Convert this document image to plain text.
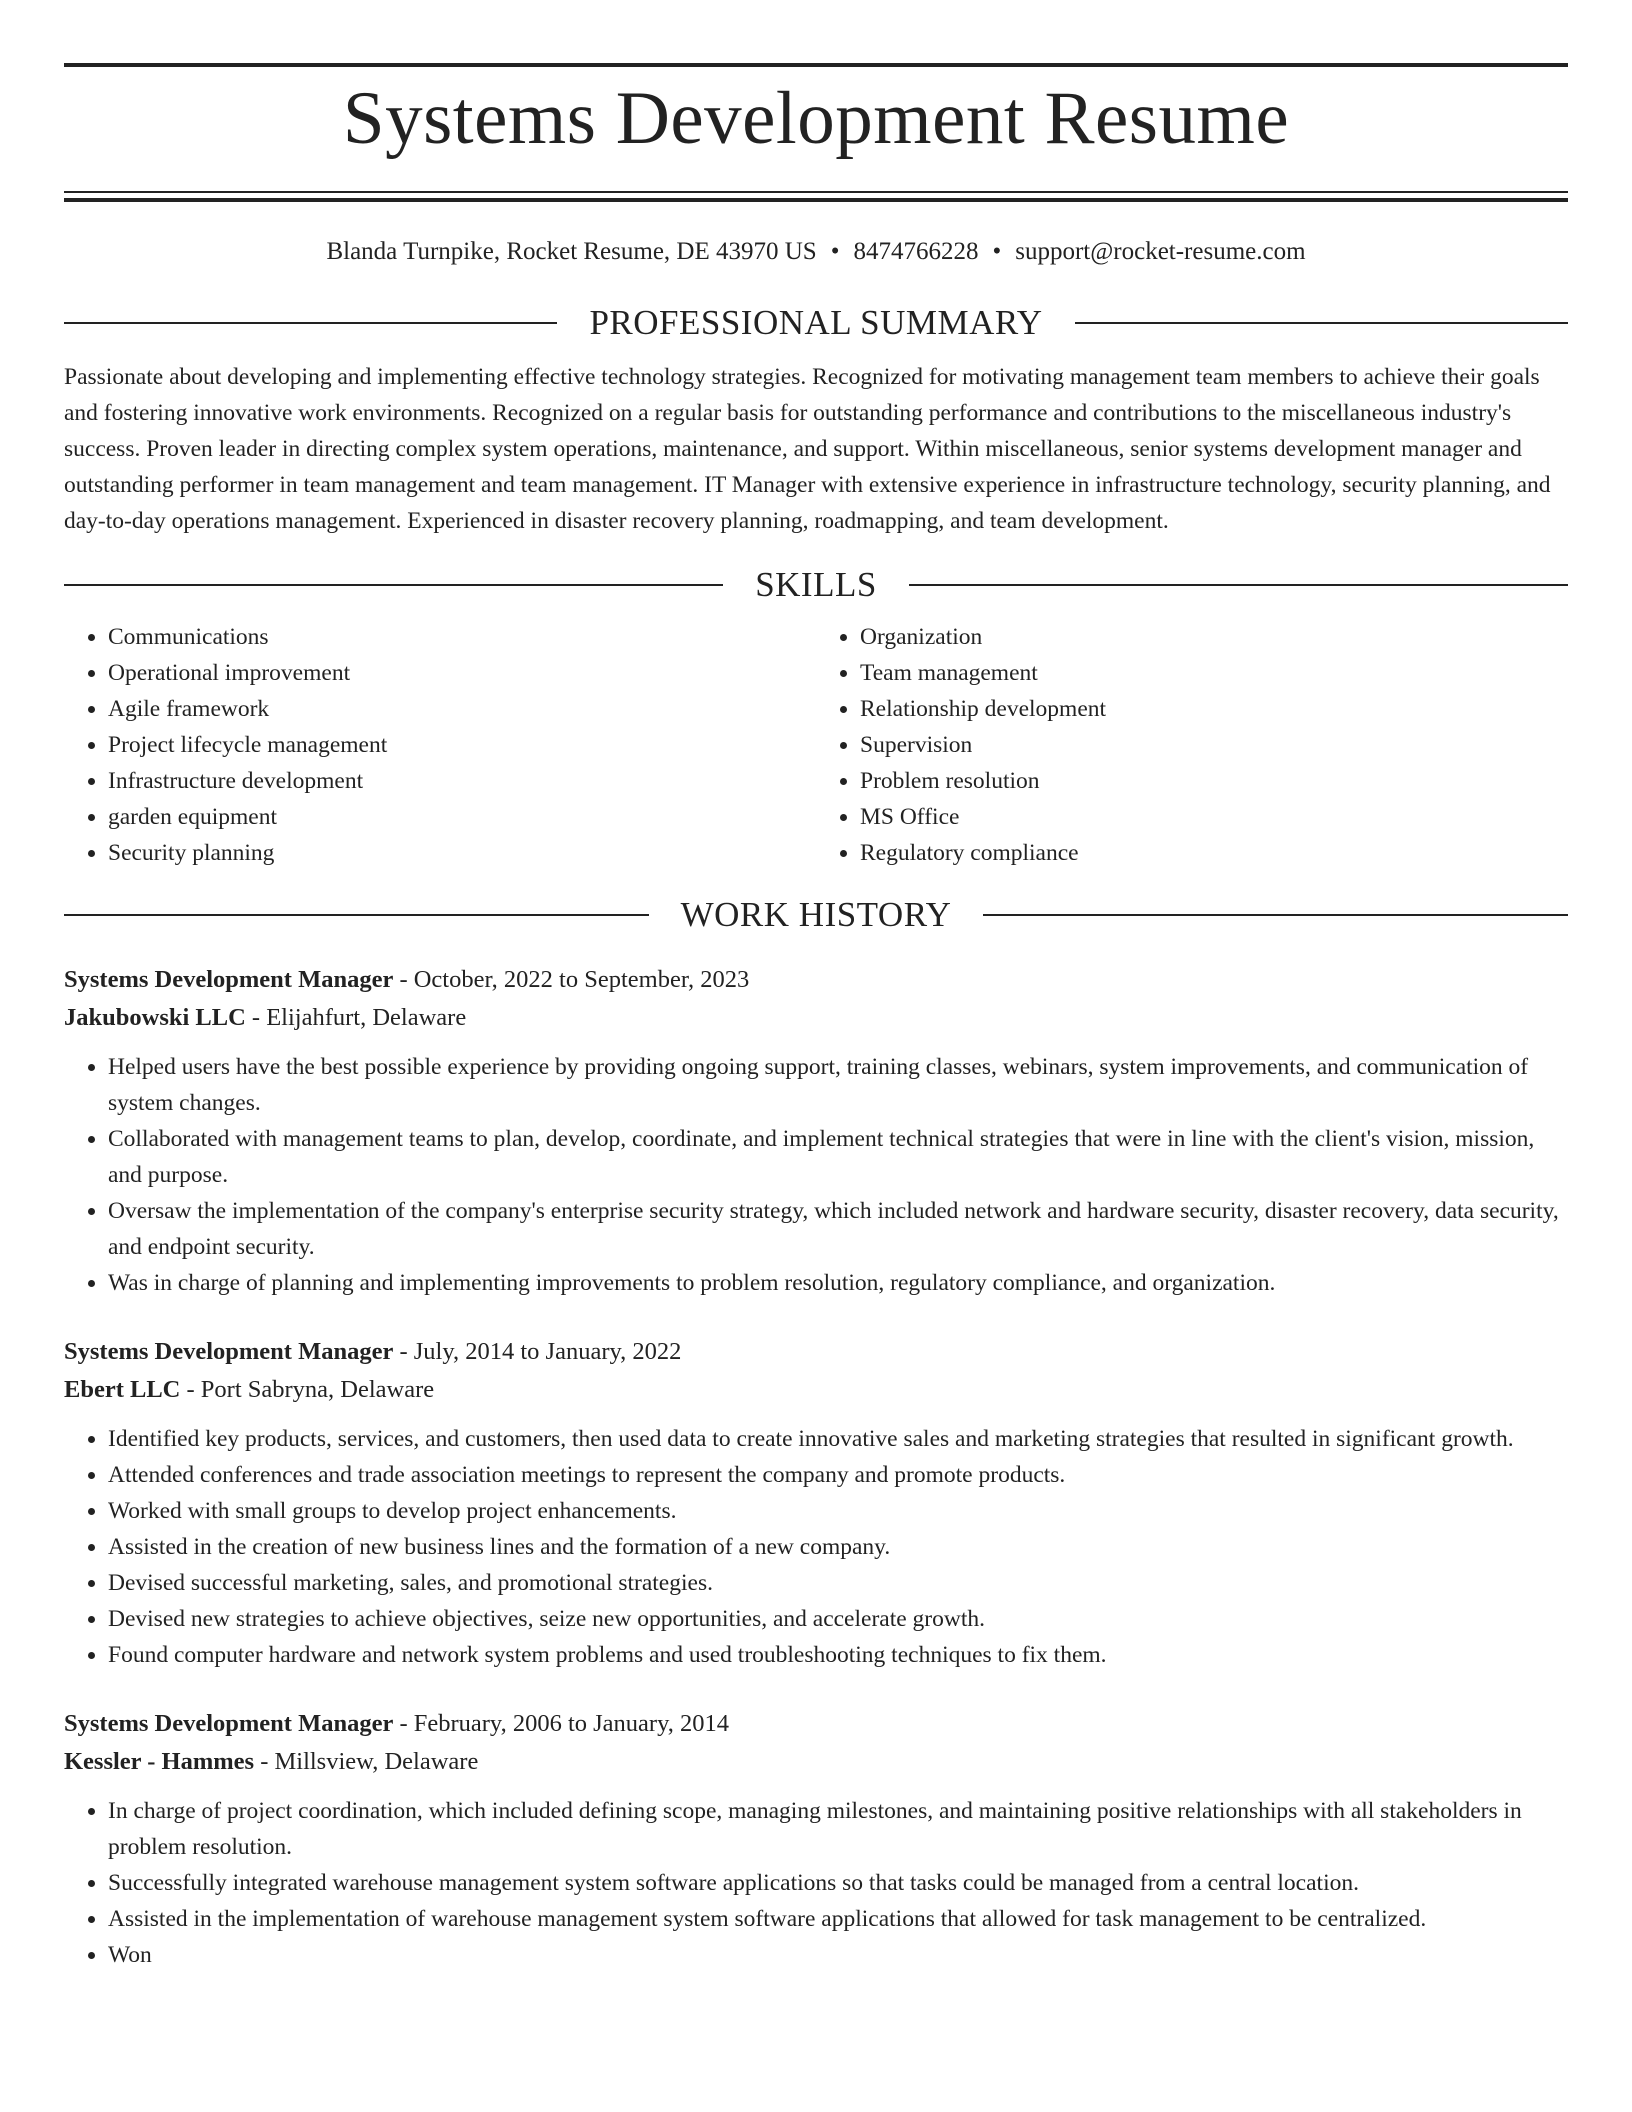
Systems Development Resume
Blanda Turnpike, Rocket Resume, DE 43970 US • 8474766228 • support@rocket-resume.com
PROFESSIONAL SUMMARY

Passionate about developing and implementing effective technology strategies. Recognized for motivating management team members to achieve their goals and fostering innovative work environments. Recognized on a regular basis for outstanding performance and contributions to the miscellaneous industry's success. Proven leader in directing complex system operations, maintenance, and support. Within miscellaneous, senior systems development manager and outstanding performer in team management and team management. IT Manager with extensive experience in infrastructure technology, security planning, and day-to-day operations management. Experienced in disaster recovery planning, roadmapping, and team development.

SKILLS
• Communications
• Operational improvement
• Agile framework
• Project lifecycle management
• Infrastructure development
• garden equipment
• Security planning
• Organization
• Team management
• Relationship development
• Supervision
• Problem resolution
• MS Office
• Regulatory compliance
WORK HISTORY
Systems Development Manager - October, 2022 to September, 2023
Jakubowski LLC - Elijahfurt, Delaware
• Helped users have the best possible experience by providing ongoing support, training classes, webinars, system improvements, and communication of system changes.
• Collaborated with management teams to plan, develop, coordinate, and implement technical strategies that were in line with the client's vision, mission, and purpose.
• Oversaw the implementation of the company's enterprise security strategy, which included network and hardware security, disaster recovery, data security, and endpoint security.
• Was in charge of planning and implementing improvements to problem resolution, regulatory compliance, and organization.
Systems Development Manager - July, 2014 to January, 2022
Ebert LLC - Port Sabryna, Delaware
• Identified key products, services, and customers, then used data to create innovative sales and marketing strategies that resulted in significant growth.
• Attended conferences and trade association meetings to represent the company and promote products.
• Worked with small groups to develop project enhancements.
• Assisted in the creation of new business lines and the formation of a new company.
• Devised successful marketing, sales, and promotional strategies.
• Devised new strategies to achieve objectives, seize new opportunities, and accelerate growth.
• Found computer hardware and network system problems and used troubleshooting techniques to fix them.
Systems Development Manager - February, 2006 to January, 2014
Kessler - Hammes - Millsview, Delaware
• In charge of project coordination, which included defining scope, managing milestones, and maintaining positive relationships with all stakeholders in problem resolution.
• Successfully integrated warehouse management system software applications so that tasks could be managed from a central location.
• Assisted in the implementation of warehouse management system software applications that allowed for task management to be centralized.
• Won
